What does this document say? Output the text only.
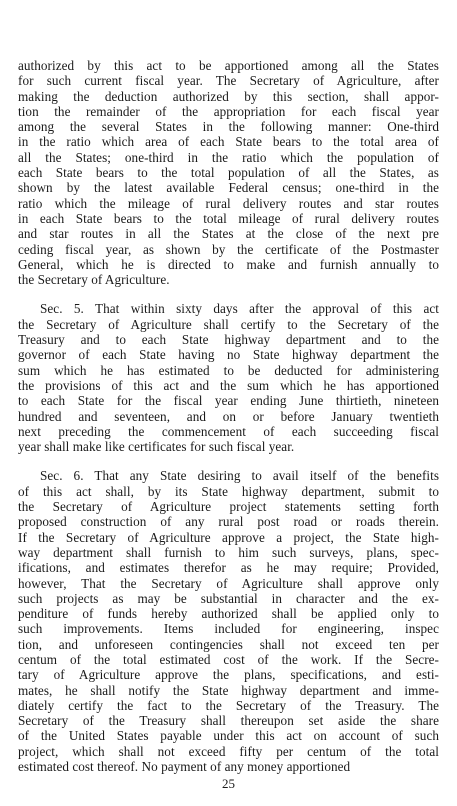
authorized by this act to be apportioned among all the States
for such current fiscal year. The Secretary of Agriculture, after
making the deduction authorized by this section, shall appor-
tion the remainder of the appropriation for each fiscal year
among the several States in the following manner: One-third
in the ratio which area of each State bears to the total area of
all the States; one-third in the ratio which the population of
each State bears to the total population of all the States, as
shown by the latest available Federal census; one-third in the
ratio which the mileage of rural delivery routes and star routes
in each State bears to the total mileage of rural delivery routes
and star routes in all the States at the close of the next pre
ceding fiscal year, as shown by the certificate of the Postmaster
General, which he is directed to make and furnish annually to
the Secretary of Agriculture.

Sec. 5. That within sixty days after the approval of this act
the Secretary of Agriculture shall certify to the Secretary of the
Treasury and to each State highway department and to the
governor of each State having no State highway department the
sum which he has estimated to be deducted for administering
the provisions of this act and the sum which he has apportioned
to each State for the fiscal year ending June thirtieth, nineteen
hundred and seventeen, and on or before January twentieth
next preceding the commencement of each succeeding fiscal
year shall make like certificates for such fiscal year.

Sec. 6. That any State desiring to avail itself of the benefits
of this act shall, by its State highway department, submit to
the Secretary of Agriculture project statements setting forth
proposed construction of any rural post road or roads therein.
If the Secretary of Agriculture approve a project, the State high-
way department shall furnish to him such surveys, plans, spec-
ifications, and estimates therefor as he may require; Provided,
however, That the Secretary of Agriculture shall approve only
such projects as may be substantial in character and the ex-
penditure of funds hereby authorized shall be applied only to
such improvements. Items included for engineering, inspec
tion, and unforeseen contingencies shall not exceed ten per
centum of the total estimated cost of the work. If the Secre-
tary of Agriculture approve the plans, specifications, and esti-
mates, he shall notify the State highway department and imme-
diately certify the fact to the Secretary of the Treasury. The
Secretary of the Treasury shall thereupon set aside the share
of the United States payable under this act on account of such
project, which shall not exceed fifty per centum of the total
estimated cost thereof. No payment of any money apportioned

25
